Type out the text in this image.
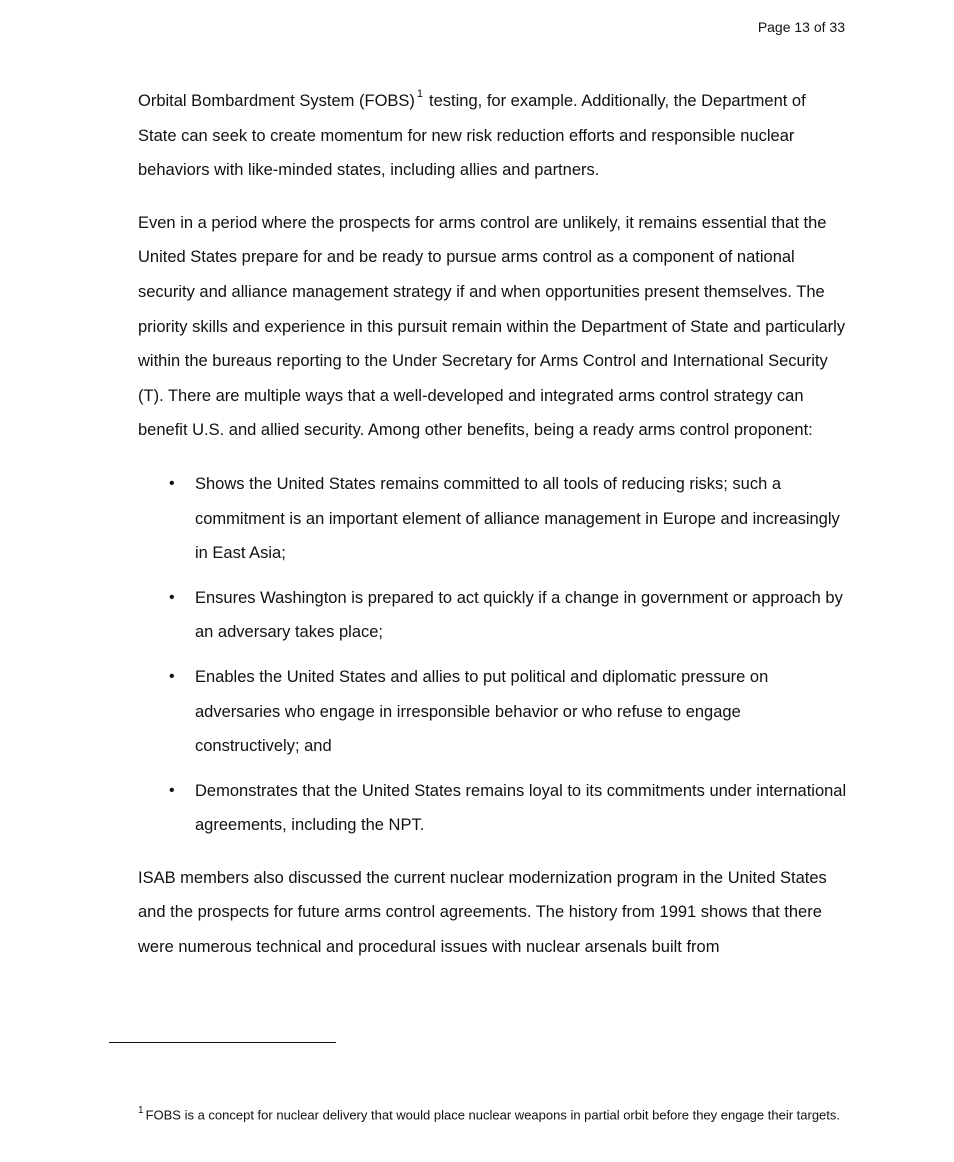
Page 13 of 33

Orbital Bombardment System (FOBS) $^1$ testing, for example. Additionally, the Department of State can seek to create momentum for new risk reduction efforts and responsible nuclear behaviors with like-minded states, including allies and partners.

Even in a period where the prospects for arms control are unlikely, it remains essential that the United States prepare for and be ready to pursue arms control as a component of national security and alliance management strategy if and when opportunities present themselves. The priority skills and experience in this pursuit remain within the Department of State and particularly within the bureaus reporting to the Under Secretary for Arms Control and International Security (T). There are multiple ways that a well-developed and integrated arms control strategy can benefit U.S. and allied security. Among other benefits, being a ready arms control proponent:

• Shows the United States remains committed to all tools of reducing risks; such a commitment is an important element of alliance management in Europe and increasingly in East Asia;
• Ensures Washington is prepared to act quickly if a change in government or approach by an adversary takes place;
• Enables the United States and allies to put political and diplomatic pressure on adversaries who engage in irresponsible behavior or who refuse to engage constructively; and
• Demonstrates that the United States remains loyal to its commitments under international agreements, including the NPT.

ISAB members also discussed the current nuclear modernization program in the United States and the prospects for future arms control agreements. The history from 1991 shows that there were numerous technical and procedural issues with nuclear arsenals built from

$^1$ FOBS is a concept for nuclear delivery that would place nuclear weapons in partial orbit before they engage their targets.
